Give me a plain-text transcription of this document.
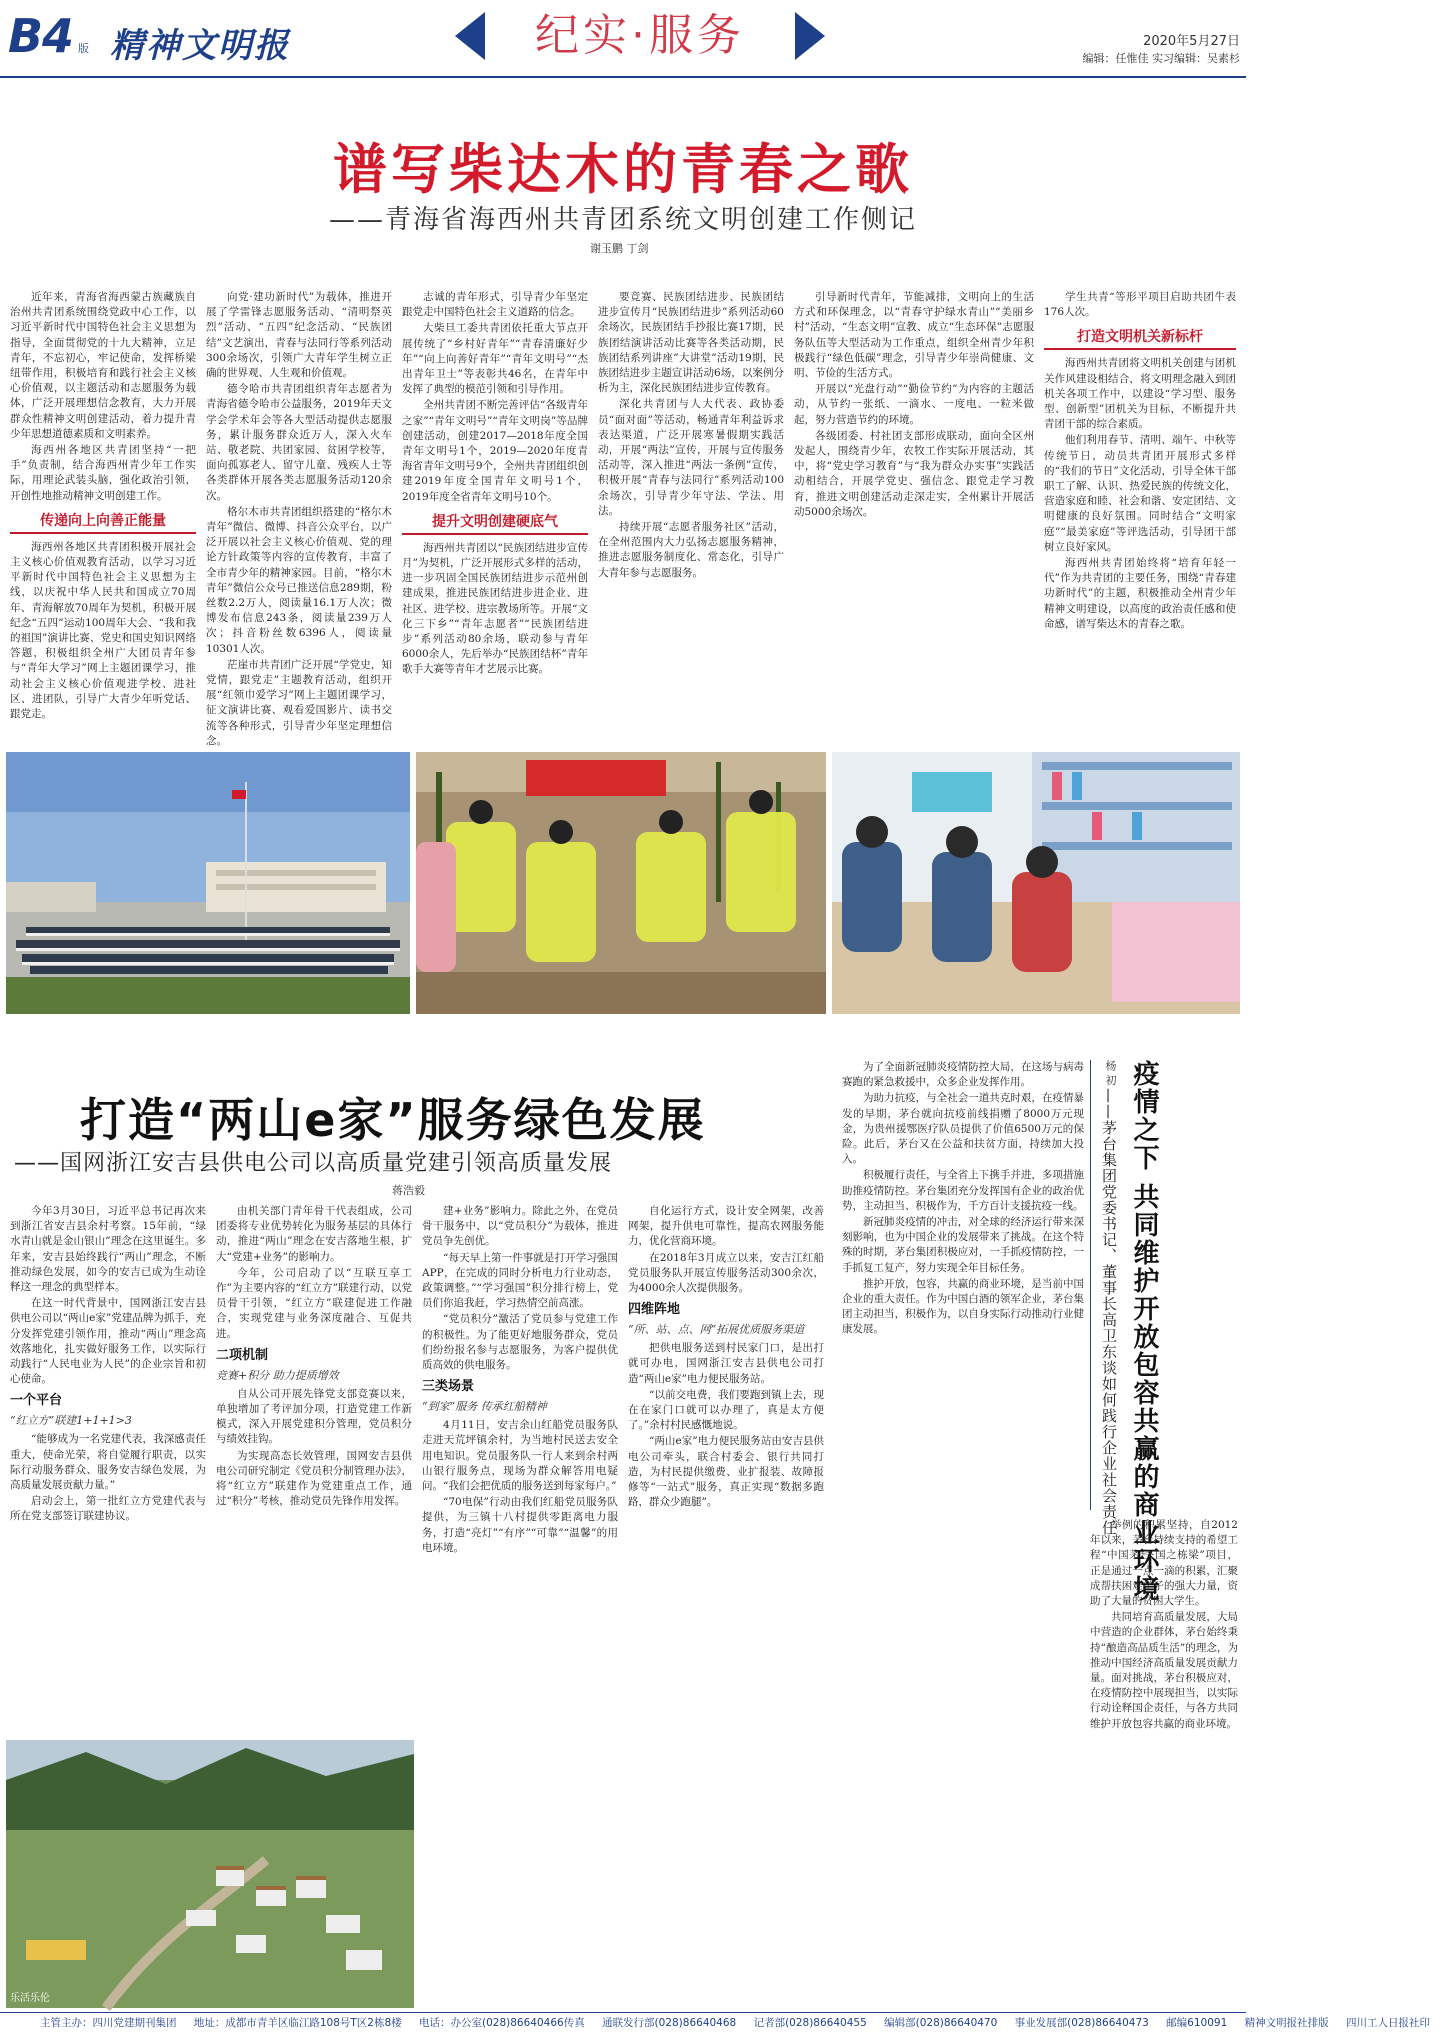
B4 版 精神文明报	纪实·服务	2020年5月27日
编辑：任惟佳 实习编辑：吴素杉
谱写柴达木的青春之歌
——青海省海西州共青团系统文明创建工作侧记
谢玉鹏 丁剑

近年来，青海省海西蒙古族藏族自治州共青团系统围绕党政中心工作，以习近平新时代中国特色社会主义思想为指导，全面贯彻党的十九大精神，立足青年，不忘初心，牢记使命，发挥桥梁纽带作用，积极培育和践行社会主义核心价值观，以主题活动和志愿服务为载体，广泛开展理想信念教育，大力开展群众性精神文明创建活动，着力提升青少年思想道德素质和文明素养。

海西州各地区共青团坚持“一把手”负责制，结合海西州青少年工作实际，用理论武装头脑，强化政治引领，开创性地推动精神文明创建工作。

传递向上向善正能量

海西州各地区共青团积极开展社会主义核心价值观教育活动，以学习习近平新时代中国特色社会主义思想为主线，以庆祝中华人民共和国成立70周年、青海解放70周年为契机，积极开展纪念“五四”运动100周年大会、“我和我的祖国”演讲比赛、党史和国史知识网络答题，积极组织全州广大团员青年参与“青年大学习”网上主题团课学习，推动社会主义核心价值观进学校、进社区、进团队，引导广大青少年听党话、跟党走。

向党·建功新时代”为载体，推进开展了学雷锋志愿服务活动、“清明祭英烈”活动、“五四”纪念活动、“民族团结”文艺演出，青春与法同行等系列活动300余场次，引领广大青年学生树立正确的世界观、人生观和价值观。

德令哈市共青团组织青年志愿者为青海省德令哈市公益服务，2019年天文学会学术年会等各大型活动提供志愿服务，累计服务群众近万人，深入火车站、敬老院、共团家园、贫困学校等，面向孤寡老人、留守儿童、残疾人士等各类群体开展各类志愿服务活动120余次。

格尔木市共青团组织搭建的“格尔木青年”微信、微博、抖音公众平台，以广泛开展以社会主义核心价值观、党的理论方针政策等内容的宣传教育，丰富了全市青少年的精神家园。目前，“格尔木青年”微信公众号已推送信息289期，粉丝数2.2万人，阅读量16.1万人次；微博发布信息243条，阅读量239万人次；抖音粉丝数6396人，阅读量10301人次。

茫崖市共青团广泛开展“学党史，知党情，跟党走”主题教育活动，组织开展“红领巾爱学习”网上主题团课学习，征文演讲比赛、观看爱国影片、读书交流等各种形式，引导青少年坚定理想信念。

志诚的青年形式，引导青少年坚定跟党走中国特色社会主义道路的信念。

大柴旦工委共青团依托重大节点开展传统了“乡村好青年”“青春清廉好少年”“向上向善好青年”“青年文明号”“杰出青年卫士”等表彰共46名，在青年中发挥了典型的模范引领和引导作用。

全州共青团不断完善评估“各级青年之家”“青年文明号”“青年文明岗”等品牌创建活动，创建2017—2018年度全国青年文明号1个，2019—2020年度青海省青年文明号9个，全州共青团组织创建2019年度全国青年文明号1个，2019年度全省青年文明号10个。

提升文明创建硬底气

海西州共青团以“民族团结进步宣传月”为契机，广泛开展形式多样的活动，进一步巩固全国民族团结进步示范州创建成果，推进民族团结进步进企业、进社区、进学校、进宗教场所等。开展“文化三下乡”“青年志愿者”“民族团结进步”系列活动80余场，联动参与青年6000余人，先后举办“民族团结杯”青年歌手大赛等青年才艺展示比赛。

要竞赛、民族团结进步、民族团结进步宣传月“民族团结进步”系列活动60余场次，民族团结手抄报比赛17期，民族团结演讲活动比赛等各类活动期，民族团结系列讲座”大讲堂”活动19期，民族团结进步主题宣讲活动6场，以案例分析为主，深化民族团结进步宣传教育。

深化共青团与人大代表、政协委员“面对面”等活动，畅通青年利益诉求表达渠道，广泛开展寒暑假期实践活动，开展“两法”宣传，开展与宣传服务活动等，深入推进“两法一条例”宣传，积极开展“青春与法同行”系列活动100余场次，引导青少年守法、学法、用法。

持续开展“志愿者服务社区”活动，在全州范围内大力弘扬志愿服务精神，推进志愿服务制度化、常态化，引导广大青年参与志愿服务。

引导新时代青年，节能减排，文明向上的生活方式和环保理念，以“青春守护绿水青山”“美丽乡村”活动，“生态文明”宣教、成立“生态环保”志愿服务队伍等大型活动为工作重点，组织全州青少年积极践行“绿色低碳”理念，引导青少年崇尚健康、文明、节俭的生活方式。

开展以“光盘行动”“勤俭节约”为内容的主题活动，从节约一张纸、一滴水、一度电、一粒米做起，努力营造节约的环境。

各级团委、村社团支部形成联动，面向全区州发起人，围绕青少年，农牧工作实际开展活动，其中，将“党史学习教育”与“我为群众办实事”实践活动相结合，开展学党史、强信念、跟党走学习教育，推进文明创建活动走深走实，全州累计开展活动5000余场次。

学生共青“等形平项目启助共团牛表176人次。

打造文明机关新标杆

海西州共青团将文明机关创建与团机关作风建设相结合，将文明理念融入到团机关各项工作中，以建设“学习型、服务型、创新型”团机关为目标，不断提升共青团干部的综合素质。

他们利用春节、清明、端午、中秋等传统节日，动员共青团开展形式多样的“我们的节日”文化活动，引导全体干部职工了解、认识、热爱民族的传统文化，营造家庭和睦、社会和谐、安定团结、文明健康的良好氛围。同时结合“文明家庭”“最美家庭”等评选活动，引导团干部树立良好家风。

海西州共青团始终将“培育年轻一代”作为共青团的主要任务，围绕“青春建功新时代”的主题，积极推动全州青少年精神文明建设，以高度的政治责任感和使命感，谱写柴达木的青春之歌。

打造“两山e家”服务绿色发展
——国网浙江安吉县供电公司以高质量党建引领高质量发展
蒋浩毅

今年3月30日，习近平总书记再次来到浙江省安吉县余村考察。15年前，“绿水青山就是金山银山”理念在这里诞生。多年来，安吉县始终践行“两山”理念，不断推动绿色发展，如今的安吉已成为生动诠释这一理念的典型样本。

在这一时代背景中，国网浙江安吉县供电公司以“两山e家”党建品牌为抓手，充分发挥党建引领作用，推动“两山”理念高效落地化，扎实做好服务工作，以实际行动践行“人民电业为人民”的企业宗旨和初心使命。

一个平台
“红立方”联建1+1+1>3

“能够成为一名党建代表，我深感责任重大，使命光荣，将自觉履行职责，以实际行动服务群众、服务安吉绿色发展，为高质量发展贡献力量。”

启动会上，第一批红立方党建代表与所在党支部签订联建协议。

由机关部门青年骨干代表组成，公司团委将专业优势转化为服务基层的具体行动，推进“两山”理念在安吉落地生根，扩大“党建+业务”的影响力。

今年，公司启动了以“互联互享工作”为主要内容的“红立方”联建行动，以党员骨干引领，“红立方”联建促进工作融合，实现党建与业务深度融合、互促共进。

二项机制
竞赛+积分 助力提质增效

自从公司开展先锋党支部竞赛以来，单独增加了考评加分项，打造党建工作新模式，深入开展党建积分管理，党员积分与绩效挂钩。

为实现高态长效管理，国网安吉县供电公司研究制定《党员积分制管理办法》，将“红立方”联建作为党建重点工作，通过“积分”考核，推动党员先锋作用发挥。

建+业务”影响力。除此之外，在党员骨干服务中，以“党员积分”为载体，推进党员争先创优。

“每天早上第一件事就是打开学习强国APP，在完成的同时分析电力行业动态，政策调整。”“学习强国”积分排行榜上，党员们你追我赶，学习热情空前高涨。

“党员积分”激活了党员参与党建工作的积极性。为了能更好地服务群众，党员们纷纷报名参与志愿服务，为客户提供优质高效的供电服务。

三类场景
“到家”服务 传承红船精神

4月11日，安吉余山红船党员服务队走进天荒坪镇余村，为当地村民送去安全用电知识。党员服务队一行人来到余村两山银行服务点，现场为群众解答用电疑问。“我们会把优质的服务送到每家每户。”

“70电保”行动由我们红船党员服务队提供，为三镇十八村提供零距离电力服务，打造“亮灯”“有序”“可靠”“温馨”的用电环境。

自化运行方式，设计安全网架，改善网架，提升供电可靠性，提高农网服务能力，优化营商环境。

在2018年3月成立以来，安吉江红船党员服务队开展宣传服务活动300余次，为4000余人次提供服务。

四维阵地
“所、站、点、网”拓展优质服务渠道

把供电服务送到村民家门口，是出打就可办电，国网浙江安吉县供电公司打造“两山e家”电力便民服务站。

“以前交电费，我们要跑到镇上去，现在在家门口就可以办理了，真是太方便了。”余村村民感慨地说。

“两山e家”电力便民服务站由安吉县供电公司牵头，联合村委会、银行共同打造，为村民提供缴费、业扩报装、故障报修等“一站式”服务，真正实现“数据多跑路，群众少跑腿”。

乐活乐伦
杨 初
——茅台集团党委书记、董事长高卫东谈如何践行企业社会责任 疫情之下 共同维护开放包容共赢的商业环境

为了全面新冠肺炎疫情防控大局，在这场与病毒赛跑的紧急救援中，众多企业发挥作用。

为助力抗疫，与全社会一道共克时艰，在疫情暴发的早期，茅台就向抗疫前线捐赠了8000万元现金，为贵州援鄂医疗队员提供了价值6500万元的保险。此后，茅台又在公益和扶贫方面，持续加大投入。

积极履行责任，与全省上下携手并进，多项措施助推疫情防控。茅台集团充分发挥国有企业的政治优势，主动担当、积极作为，千方百计支援抗疫一线。

新冠肺炎疫情的冲击，对全球的经济运行带来深刻影响，也为中国企业的发展带来了挑战。在这个特殊的时期，茅台集团积极应对，一手抓疫情防控，一手抓复工复产，努力实现全年目标任务。

推护开放，包容，共赢的商业环境，是当前中国企业的重大责任。作为中国白酒的领军企业，茅台集团主动担当，积极作为，以自身实际行动推动行业健康发展。

举例的积累坚持，自2012年以来，茅台持续支持的希望工程“中国茅台·国之栋梁”项目，正是通过一点一滴的积累，汇聚成帮扶困难学子的强大力量，资助了大量的贫困大学生。

共同培育高质量发展，大局中营造的企业群体，茅台始终秉持“酿造高品质生活”的理念，为推动中国经济高质量发展贡献力量。面对挑战，茅台积极应对，在疫情防控中展现担当，以实际行动诠释国企责任，与各方共同维护开放包容共赢的商业环境。

主管主办：四川党建期刊集团 地址：成都市青羊区临江路108号T区2栋8楼 电话：办公室(028)86640466传真 通联发行部(028)86640468 记者部(028)86640455 编辑部(028)86640470 事业发展部(028)86640473 邮编610091 精神文明报社排版 四川工人日报社印
